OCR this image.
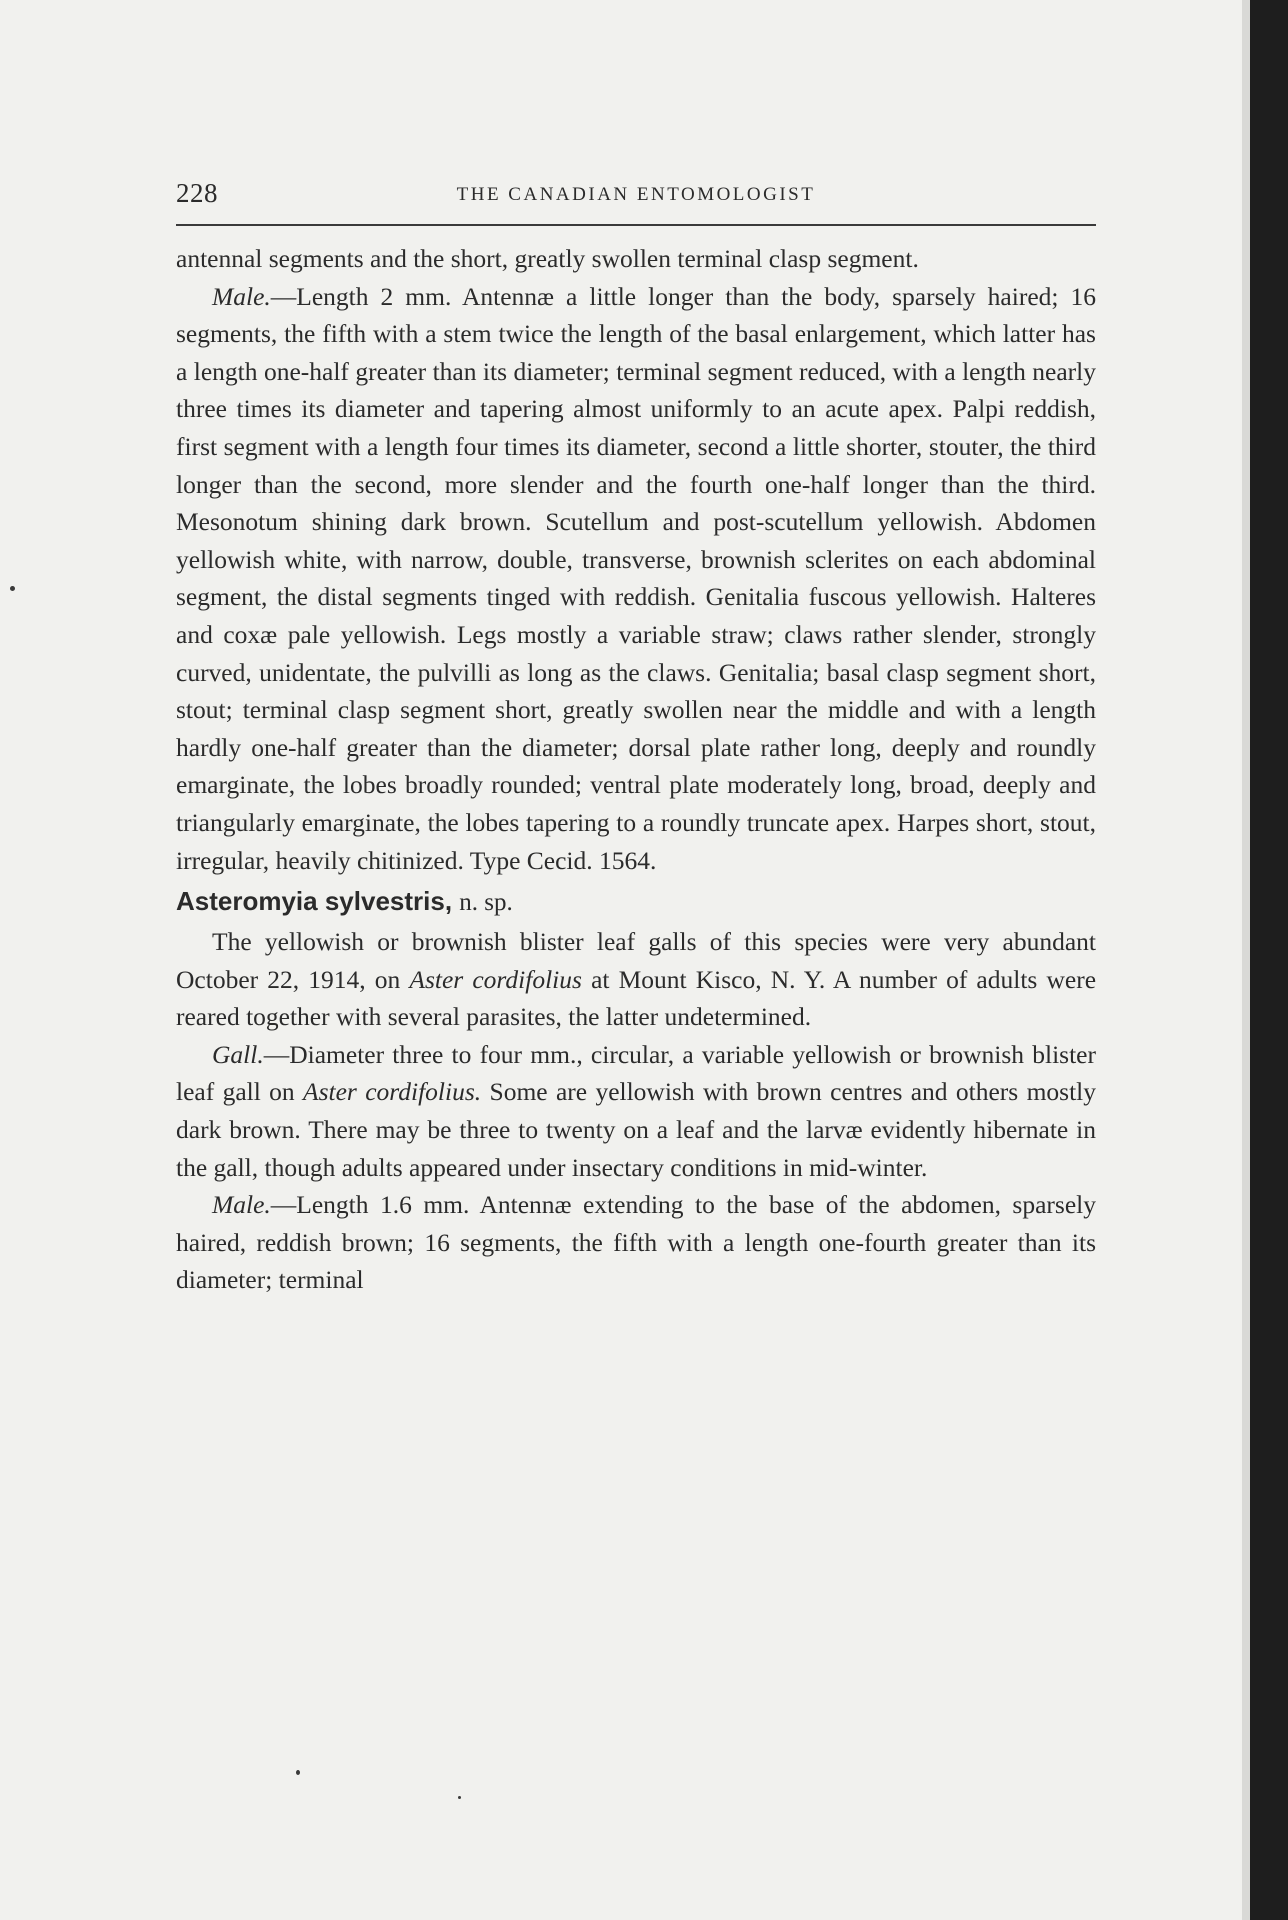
228	THE CANADIAN ENTOMOLOGIST

antennal segments and the short, greatly swollen terminal clasp segment.

Male.—Length 2 mm. Antennæ a little longer than the body, sparsely haired; 16 segments, the fifth with a stem twice the length of the basal enlargement, which latter has a length one-half greater than its diameter; terminal segment reduced, with a length nearly three times its diameter and tapering almost uniformly to an acute apex. Palpi reddish, first segment with a length four times its diameter, second a little shorter, stouter, the third longer than the second, more slender and the fourth one-half longer than the third. Mesonotum shining dark brown. Scutellum and post-scutellum yellowish. Abdomen yellowish white, with narrow, double, transverse, brownish sclerites on each abdominal segment, the distal segments tinged with reddish. Genitalia fuscous yellowish. Halteres and coxæ pale yellowish. Legs mostly a variable straw; claws rather slender, strongly curved, unidentate, the pulvilli as long as the claws. Genitalia; basal clasp segment short, stout; terminal clasp segment short, greatly swollen near the middle and with a length hardly one-half greater than the diameter; dorsal plate rather long, deeply and roundly emarginate, the lobes broadly rounded; ventral plate moderately long, broad, deeply and triangularly emarginate, the lobes tapering to a roundly truncate apex. Harpes short, stout, irregular, heavily chitinized. Type Cecid. 1564.

Asteromyia sylvestris, n. sp.

The yellowish or brownish blister leaf galls of this species were very abundant October 22, 1914, on Aster cordifolius at Mount Kisco, N. Y. A number of adults were reared together with several parasites, the latter undetermined.

Gall.—Diameter three to four mm., circular, a variable yellowish or brownish blister leaf gall on Aster cordifolius. Some are yellowish with brown centres and others mostly dark brown. There may be three to twenty on a leaf and the larvæ evidently hibernate in the gall, though adults appeared under insectary conditions in mid-winter.

Male.—Length 1.6 mm. Antennæ extending to the base of the abdomen, sparsely haired, reddish brown; 16 segments, the fifth with a length one-fourth greater than its diameter; terminal
